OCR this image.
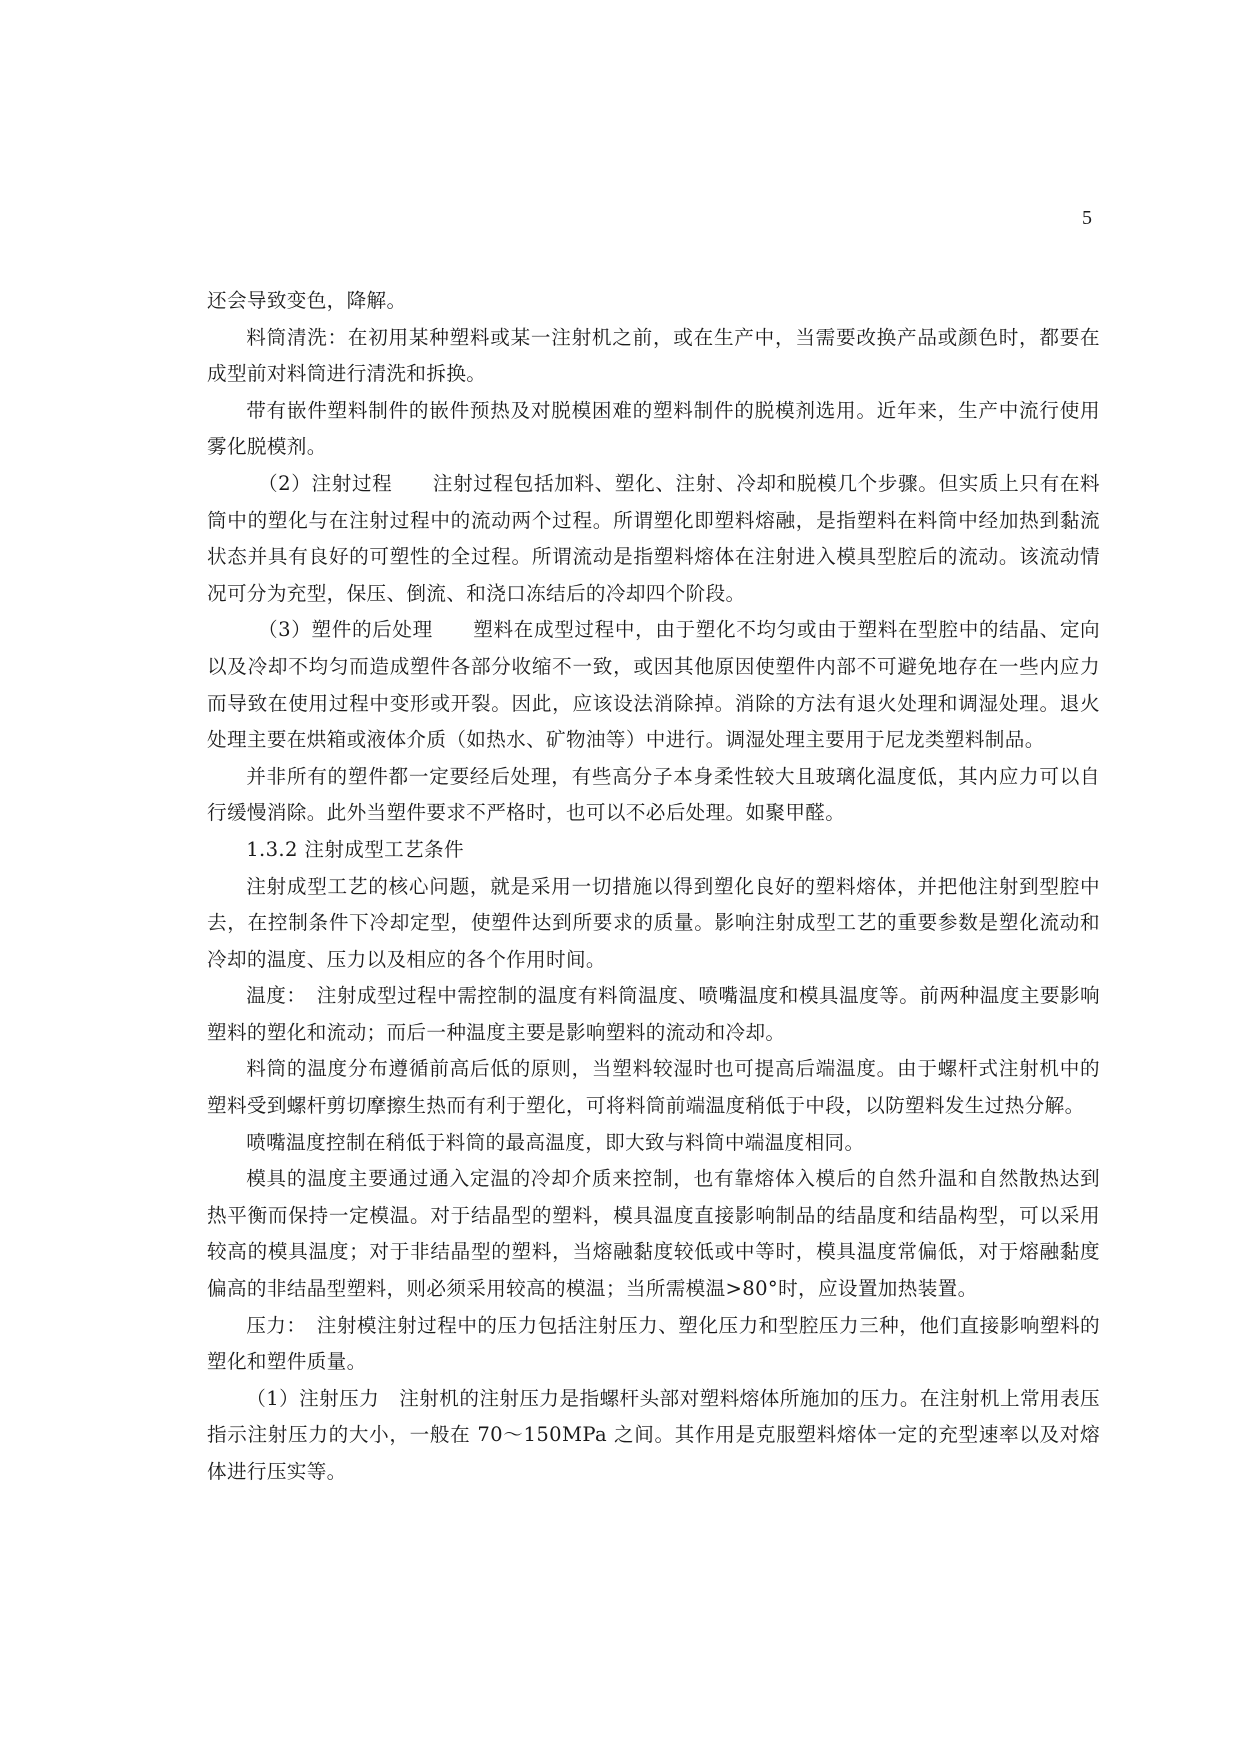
5

还会导致变色，降解。

料筒清洗：在初用某种塑料或某一注射机之前，或在生产中，当需要改换产品或颜色时，都要在成型前对料筒进行清洗和拆换。

带有嵌件塑料制件的嵌件预热及对脱模困难的塑料制件的脱模剂选用。近年来，生产中流行使用雾化脱模剂。

（2）注射过程　　注射过程包括加料、塑化、注射、冷却和脱模几个步骤。但实质上只有在料筒中的塑化与在注射过程中的流动两个过程。所谓塑化即塑料熔融，是指塑料在料筒中经加热到黏流状态并具有良好的可塑性的全过程。所谓流动是指塑料熔体在注射进入模具型腔后的流动。该流动情况可分为充型，保压、倒流、和浇口冻结后的冷却四个阶段。

（3）塑件的后处理　　塑料在成型过程中，由于塑化不均匀或由于塑料在型腔中的结晶、定向以及冷却不均匀而造成塑件各部分收缩不一致，或因其他原因使塑件内部不可避免地存在一些内应力而导致在使用过程中变形或开裂。因此，应该设法消除掉。消除的方法有退火处理和调湿处理。退火处理主要在烘箱或液体介质（如热水、矿物油等）中进行。调湿处理主要用于尼龙类塑料制品。

并非所有的塑件都一定要经后处理，有些高分子本身柔性较大且玻璃化温度低，其内应力可以自行缓慢消除。此外当塑件要求不严格时，也可以不必后处理。如聚甲醛。

1.3.2 注射成型工艺条件

注射成型工艺的核心问题，就是采用一切措施以得到塑化良好的塑料熔体，并把他注射到型腔中去，在控制条件下冷却定型，使塑件达到所要求的质量。影响注射成型工艺的重要参数是塑化流动和冷却的温度、压力以及相应的各个作用时间。

温度：　注射成型过程中需控制的温度有料筒温度、喷嘴温度和模具温度等。前两种温度主要影响塑料的塑化和流动；而后一种温度主要是影响塑料的流动和冷却。

料筒的温度分布遵循前高后低的原则，当塑料较湿时也可提高后端温度。由于螺杆式注射机中的塑料受到螺杆剪切摩擦生热而有利于塑化，可将料筒前端温度稍低于中段，以防塑料发生过热分解。

喷嘴温度控制在稍低于料筒的最高温度，即大致与料筒中端温度相同。

模具的温度主要通过通入定温的冷却介质来控制，也有靠熔体入模后的自然升温和自然散热达到热平衡而保持一定模温。对于结晶型的塑料，模具温度直接影响制品的结晶度和结晶构型，可以采用较高的模具温度；对于非结晶型的塑料，当熔融黏度较低或中等时，模具温度常偏低，对于熔融黏度偏高的非结晶型塑料，则必须采用较高的模温；当所需模温>80°时，应设置加热装置。

压力：　注射模注射过程中的压力包括注射压力、塑化压力和型腔压力三种，他们直接影响塑料的塑化和塑件质量。

（1）注射压力　注射机的注射压力是指螺杆头部对塑料熔体所施加的压力。在注射机上常用表压指示注射压力的大小，一般在 70～150MPa 之间。其作用是克服塑料熔体一定的充型速率以及对熔体进行压实等。
